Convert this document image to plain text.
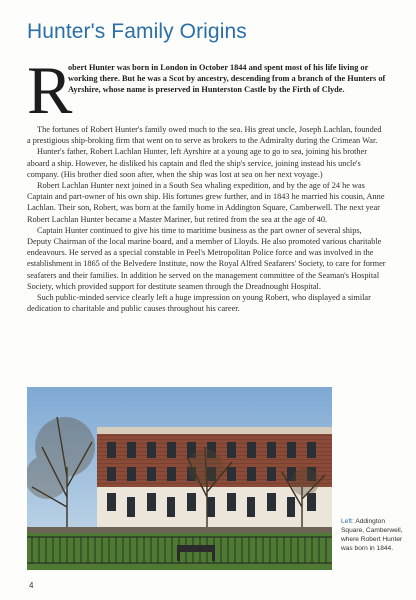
Hunter's Family Origins
R

obert Hunter was born in London in October 1844 and spent most of his life living or working there. But he was a Scot by ancestry, descending from a branch of the Hunters of Ayrshire, whose name is preserved in Hunterston Castle by the Firth of Clyde.

The fortunes of Robert Hunter's family owed much to the sea. His great uncle, Joseph Lachlan, founded a prestigious ship-broking firm that went on to serve as brokers to the Admiralty during the Crimean War.

Hunter's father, Robert Lachlan Hunter, left Ayrshire at a young age to go to sea, joining his brother aboard a ship. However, he disliked his captain and fled the ship's service, joining instead his uncle's company. (His brother died soon after, when the ship was lost at sea on her next voyage.)

Robert Lachlan Hunter next joined in a South Sea whaling expedition, and by the age of 24 he was Captain and part-owner of his own ship. His fortunes grew further, and in 1843 he married his cousin, Anne Lachlan. Their son, Robert, was born at the family home in Addington Square, Camberwell. The next year Robert Lachlan Hunter became a Master Mariner, but retired from the sea at the age of 40.

Captain Hunter continued to give his time to maritime business as the part owner of several ships, Deputy Chairman of the local marine board, and a member of Lloyds. He also promoted various charitable endeavours. He served as a special constable in Peel's Metropolitan Police force and was involved in the establishment in 1865 of the Belvedere Institute, now the Royal Alfred Seafarers' Society, to care for former seafarers and their families. In addition he served on the management committee of the Seaman's Hospital Society, which provided support for destitute seamen through the Dreadnought Hospital.

Such public-minded service clearly left a huge impression on young Robert, who displayed a similar dedication to charitable and public causes throughout his career.

Left: Addington Square, Camberwell, where Robert Hunter was born in 1844.

4
